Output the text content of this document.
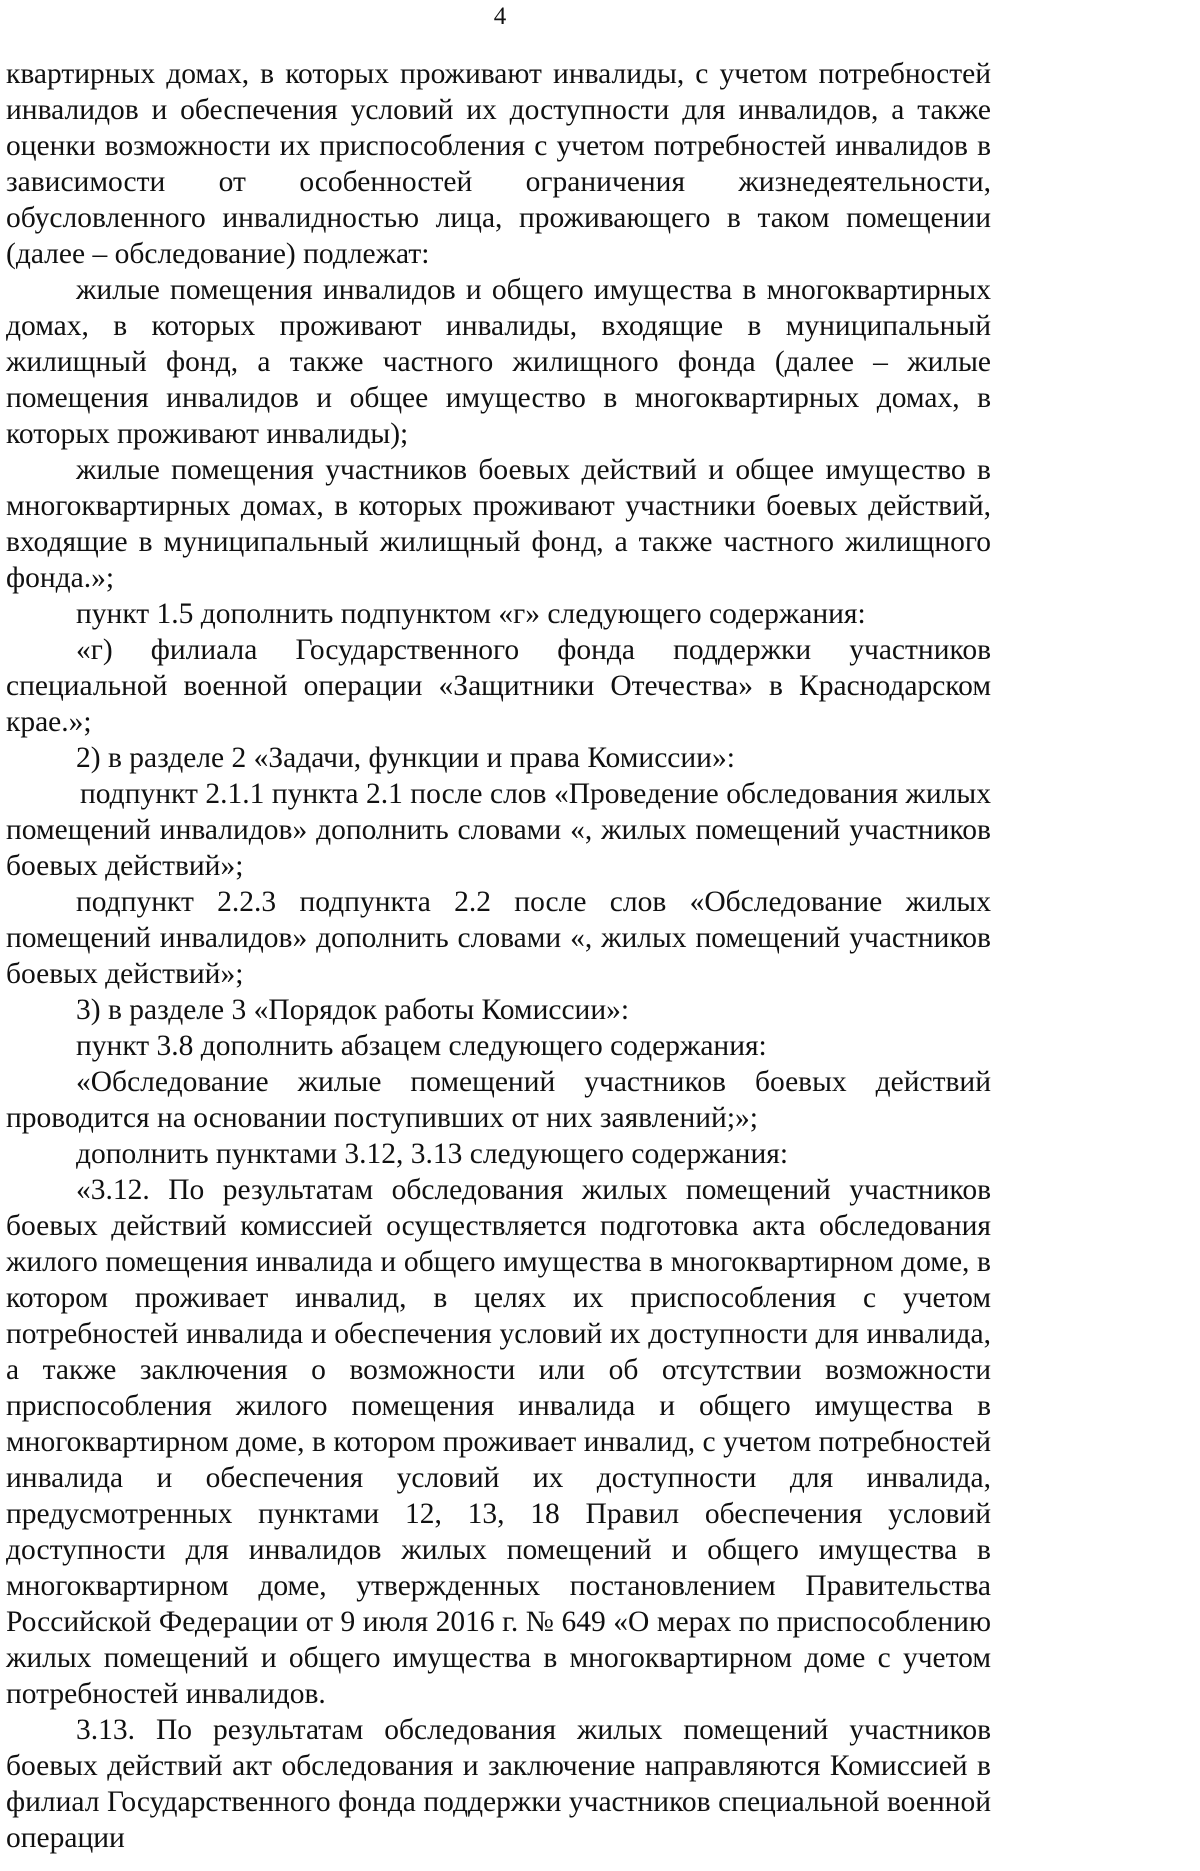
4

квартирных домах, в которых проживают инвалиды, с учетом потребностей инвалидов и обеспечения условий их доступности для инвалидов, а также оценки возможности их приспособления с учетом потребностей инвалидов в зависимости от особенностей ограничения жизнедеятельности, обусловленного инвалидностью лица, проживающего в таком помещении (далее – обследование) подлежат:

жилые помещения инвалидов и общего имущества в многоквартирных домах, в которых проживают инвалиды, входящие в муниципальный жилищный фонд, а также частного жилищного фонда (далее – жилые помещения инвалидов и общее имущество в многоквартирных домах, в которых проживают инвалиды);

жилые помещения участников боевых действий и общее имущество в многоквартирных домах, в которых проживают участники боевых действий, входящие в муниципальный жилищный фонд, а также частного жилищного фонда.»;

пункт 1.5 дополнить подпунктом «г» следующего содержания:

«г) филиала Государственного фонда поддержки участников специальной военной операции «Защитники Отечества» в Краснодарском крае.»;

2) в разделе 2 «Задачи, функции и права Комиссии»:

подпункт 2.1.1 пункта 2.1 после слов «Проведение обследования жилых помещений инвалидов» дополнить словами «, жилых помещений участников боевых действий»;

подпункт 2.2.3 подпункта 2.2 после слов «Обследование жилых помещений инвалидов» дополнить словами «, жилых помещений участников боевых действий»;

3) в разделе 3 «Порядок работы Комиссии»:

пункт 3.8 дополнить абзацем следующего содержания:

«Обследование жилые помещений участников боевых действий проводится на основании поступивших от них заявлений;»;

дополнить пунктами 3.12, 3.13 следующего содержания:

«3.12. По результатам обследования жилых помещений участников боевых действий комиссией осуществляется подготовка акта обследования жилого помещения инвалида и общего имущества в многоквартирном доме, в котором проживает инвалид, в целях их приспособления с учетом потребностей инвалида и обеспечения условий их доступности для инвалида, а также заключения о возможности или об отсутствии возможности приспособления жилого помещения инвалида и общего имущества в многоквартирном доме, в котором проживает инвалид, с учетом потребностей инвалида и обеспечения условий их доступности для инвалида, предусмотренных пунктами 12, 13, 18 Правил обеспечения условий доступности для инвалидов жилых помещений и общего имущества в многоквартирном доме, утвержденных постановлением Правительства Российской Федерации от 9 июля 2016 г. № 649 «О мерах по приспособлению жилых помещений и общего имущества в многоквартирном доме с учетом потребностей инвалидов.

3.13. По результатам обследования жилых помещений участников боевых действий акт обследования и заключение направляются Комиссией в филиал Государственного фонда поддержки участников специальной военной операции
